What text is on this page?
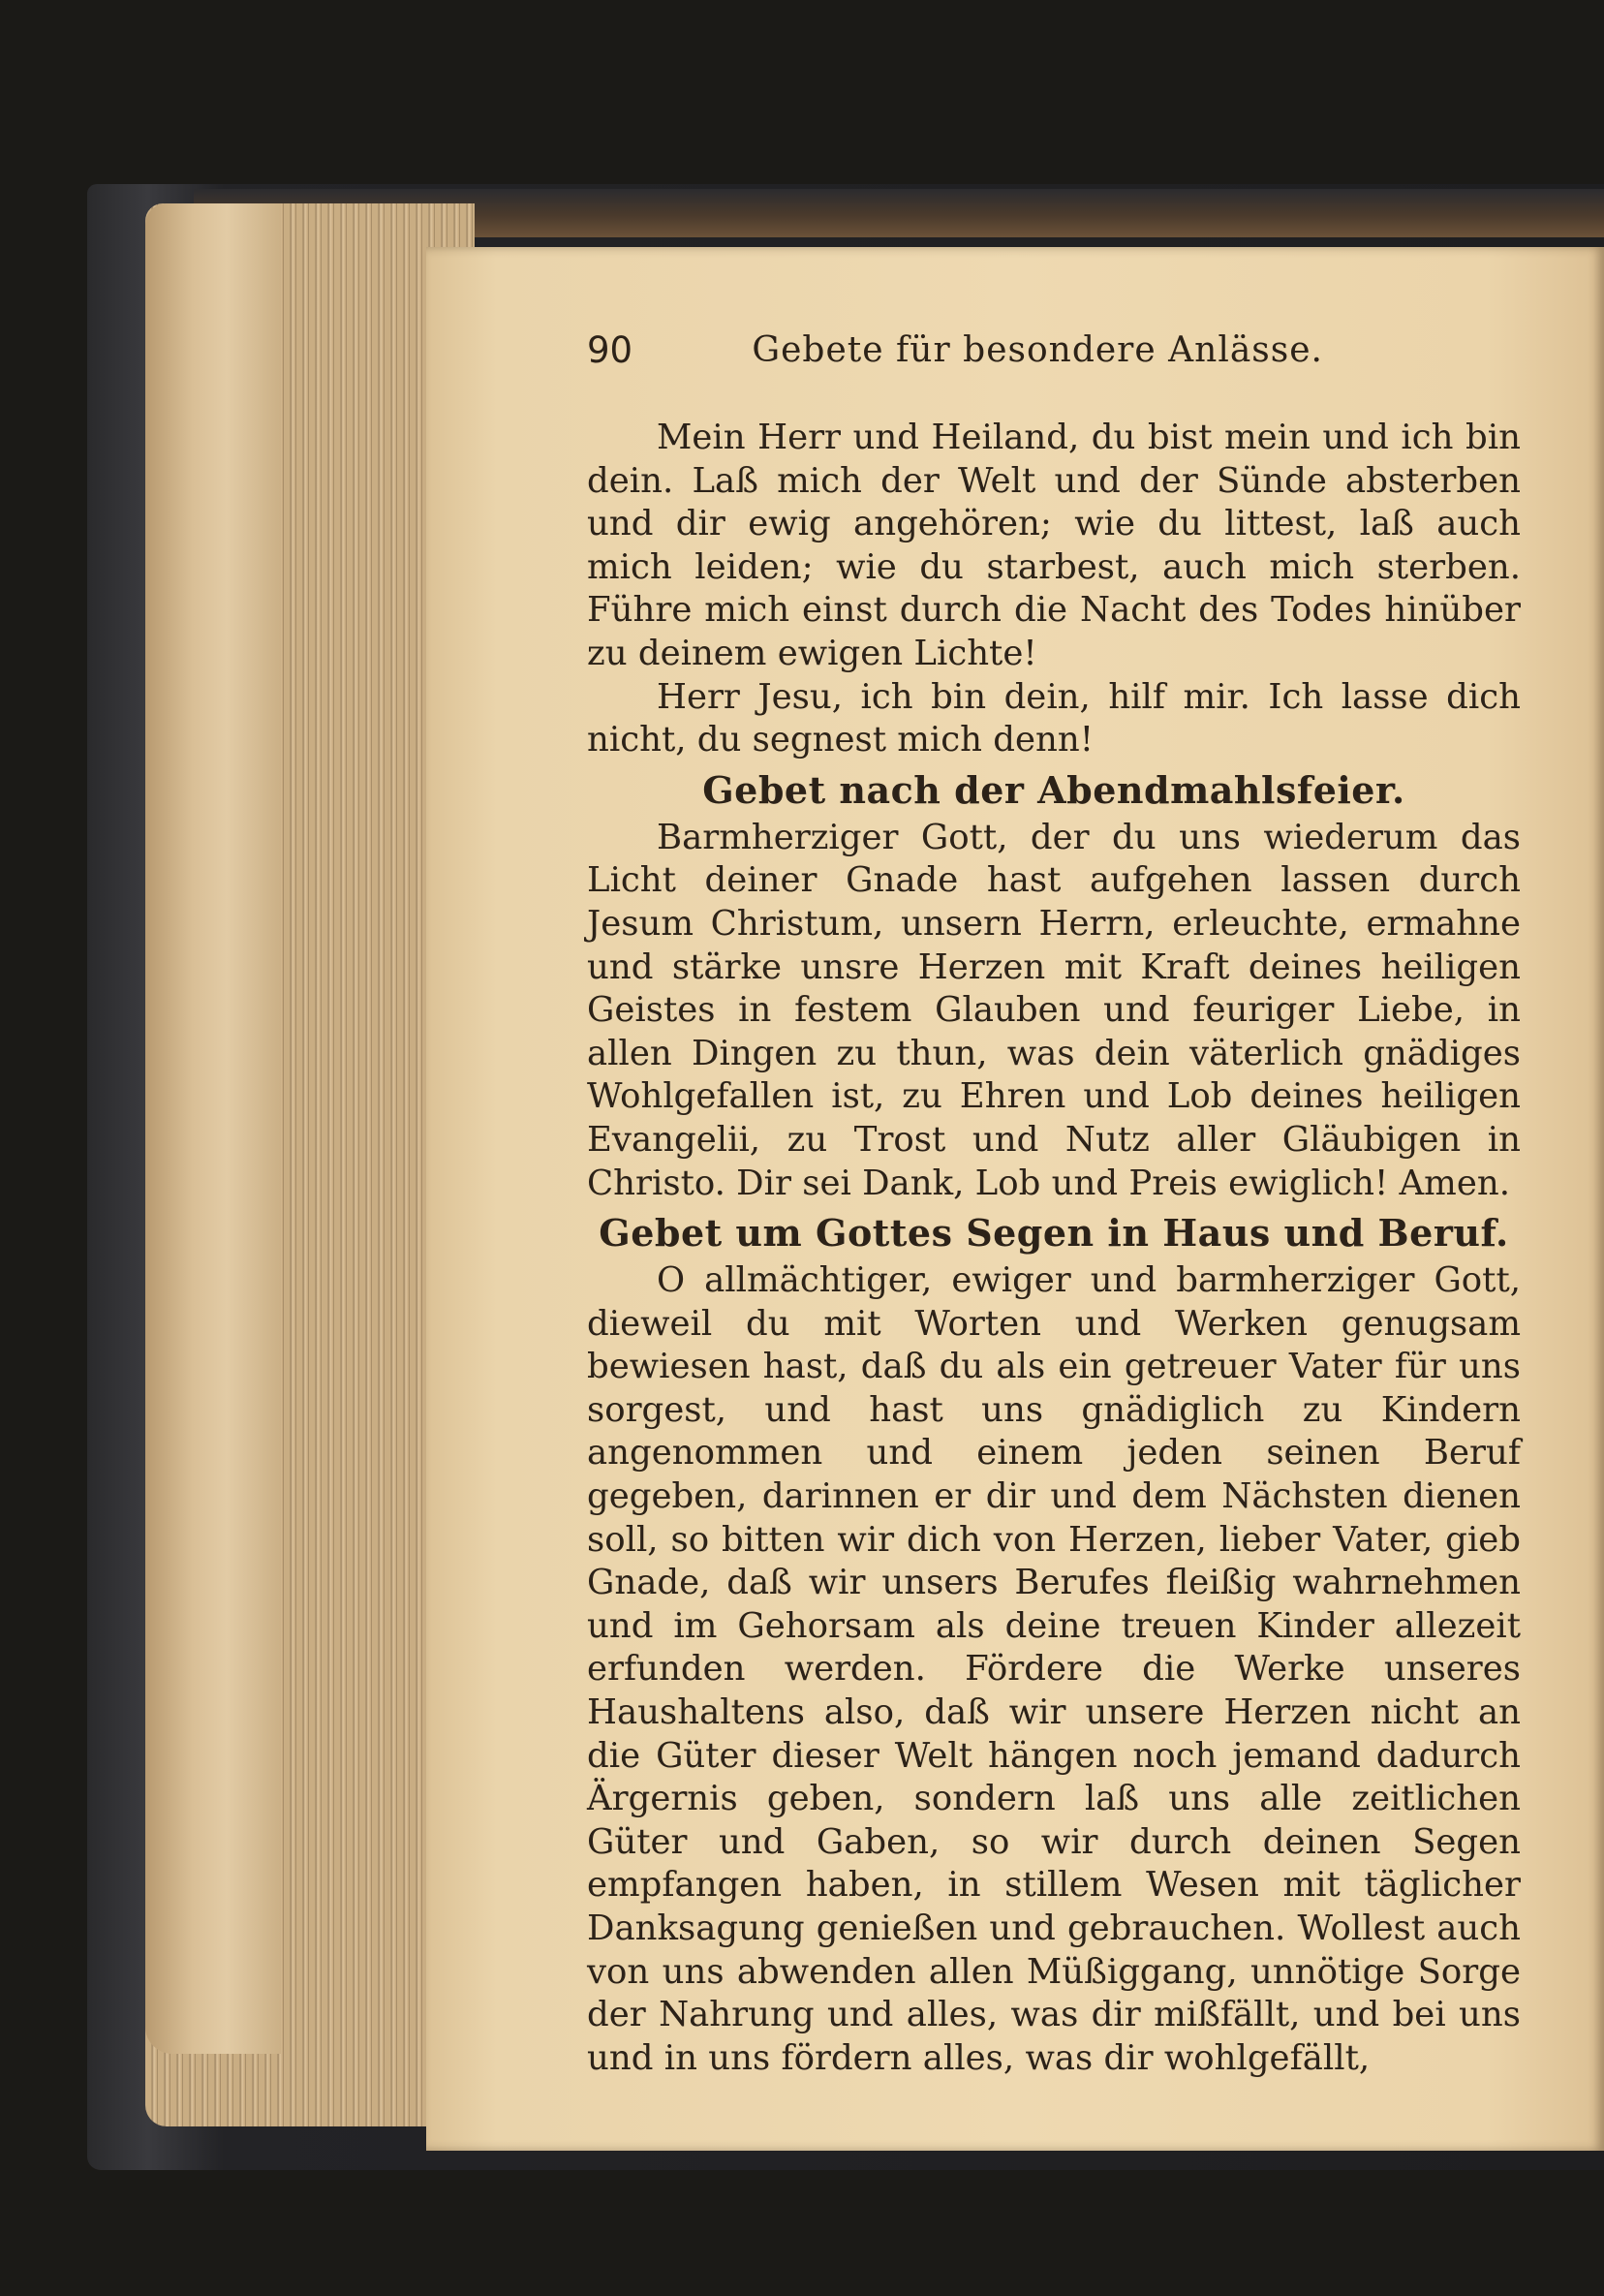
90	Gebete für besondere Anlässe.

Mein Herr und Heiland, du bist mein und ich bin dein. Laß mich der Welt und der Sünde absterben und dir ewig angehören; wie du littest, laß auch mich leiden; wie du starbest, auch mich sterben. Führe mich einst durch die Nacht des Todes hinüber zu deinem ewigen Lichte!

Herr Jesu, ich bin dein, hilf mir. Ich lasse dich nicht, du segnest mich denn!

Gebet nach der Abendmahlsfeier.

Barmherziger Gott, der du uns wiederum das Licht deiner Gnade hast aufgehen lassen durch Jesum Christum, unsern Herrn, erleuchte, ermahne und stärke unsre Herzen mit Kraft deines heiligen Geistes in festem Glauben und feuriger Liebe, in allen Dingen zu thun, was dein väterlich gnädiges Wohlgefallen ist, zu Ehren und Lob deines heiligen Evangelii, zu Trost und Nutz aller Gläubigen in Christo. Dir sei Dank, Lob und Preis ewiglich! Amen.

Gebet um Gottes Segen in Haus und Beruf.

O allmächtiger, ewiger und barmherziger Gott, dieweil du mit Worten und Werken genugsam bewiesen hast, daß du als ein getreuer Vater für uns sorgest, und hast uns gnädiglich zu Kindern angenommen und einem jeden seinen Beruf gegeben, darinnen er dir und dem Nächsten dienen soll, so bitten wir dich von Herzen, lieber Vater, gieb Gnade, daß wir unsers Berufes fleißig wahrnehmen und im Gehorsam als deine treuen Kinder allezeit erfunden werden. Fördere die Werke unseres Haushaltens also, daß wir unsere Herzen nicht an die Güter dieser Welt hängen noch jemand dadurch Ärgernis geben, sondern laß uns alle zeitlichen Güter und Gaben, so wir durch deinen Segen empfangen haben, in stillem Wesen mit täglicher Danksagung genießen und gebrauchen. Wollest auch von uns abwenden allen Müßiggang, unnötige Sorge der Nahrung und alles, was dir mißfällt, und bei uns und in uns fördern alles, was dir wohlgefällt,
